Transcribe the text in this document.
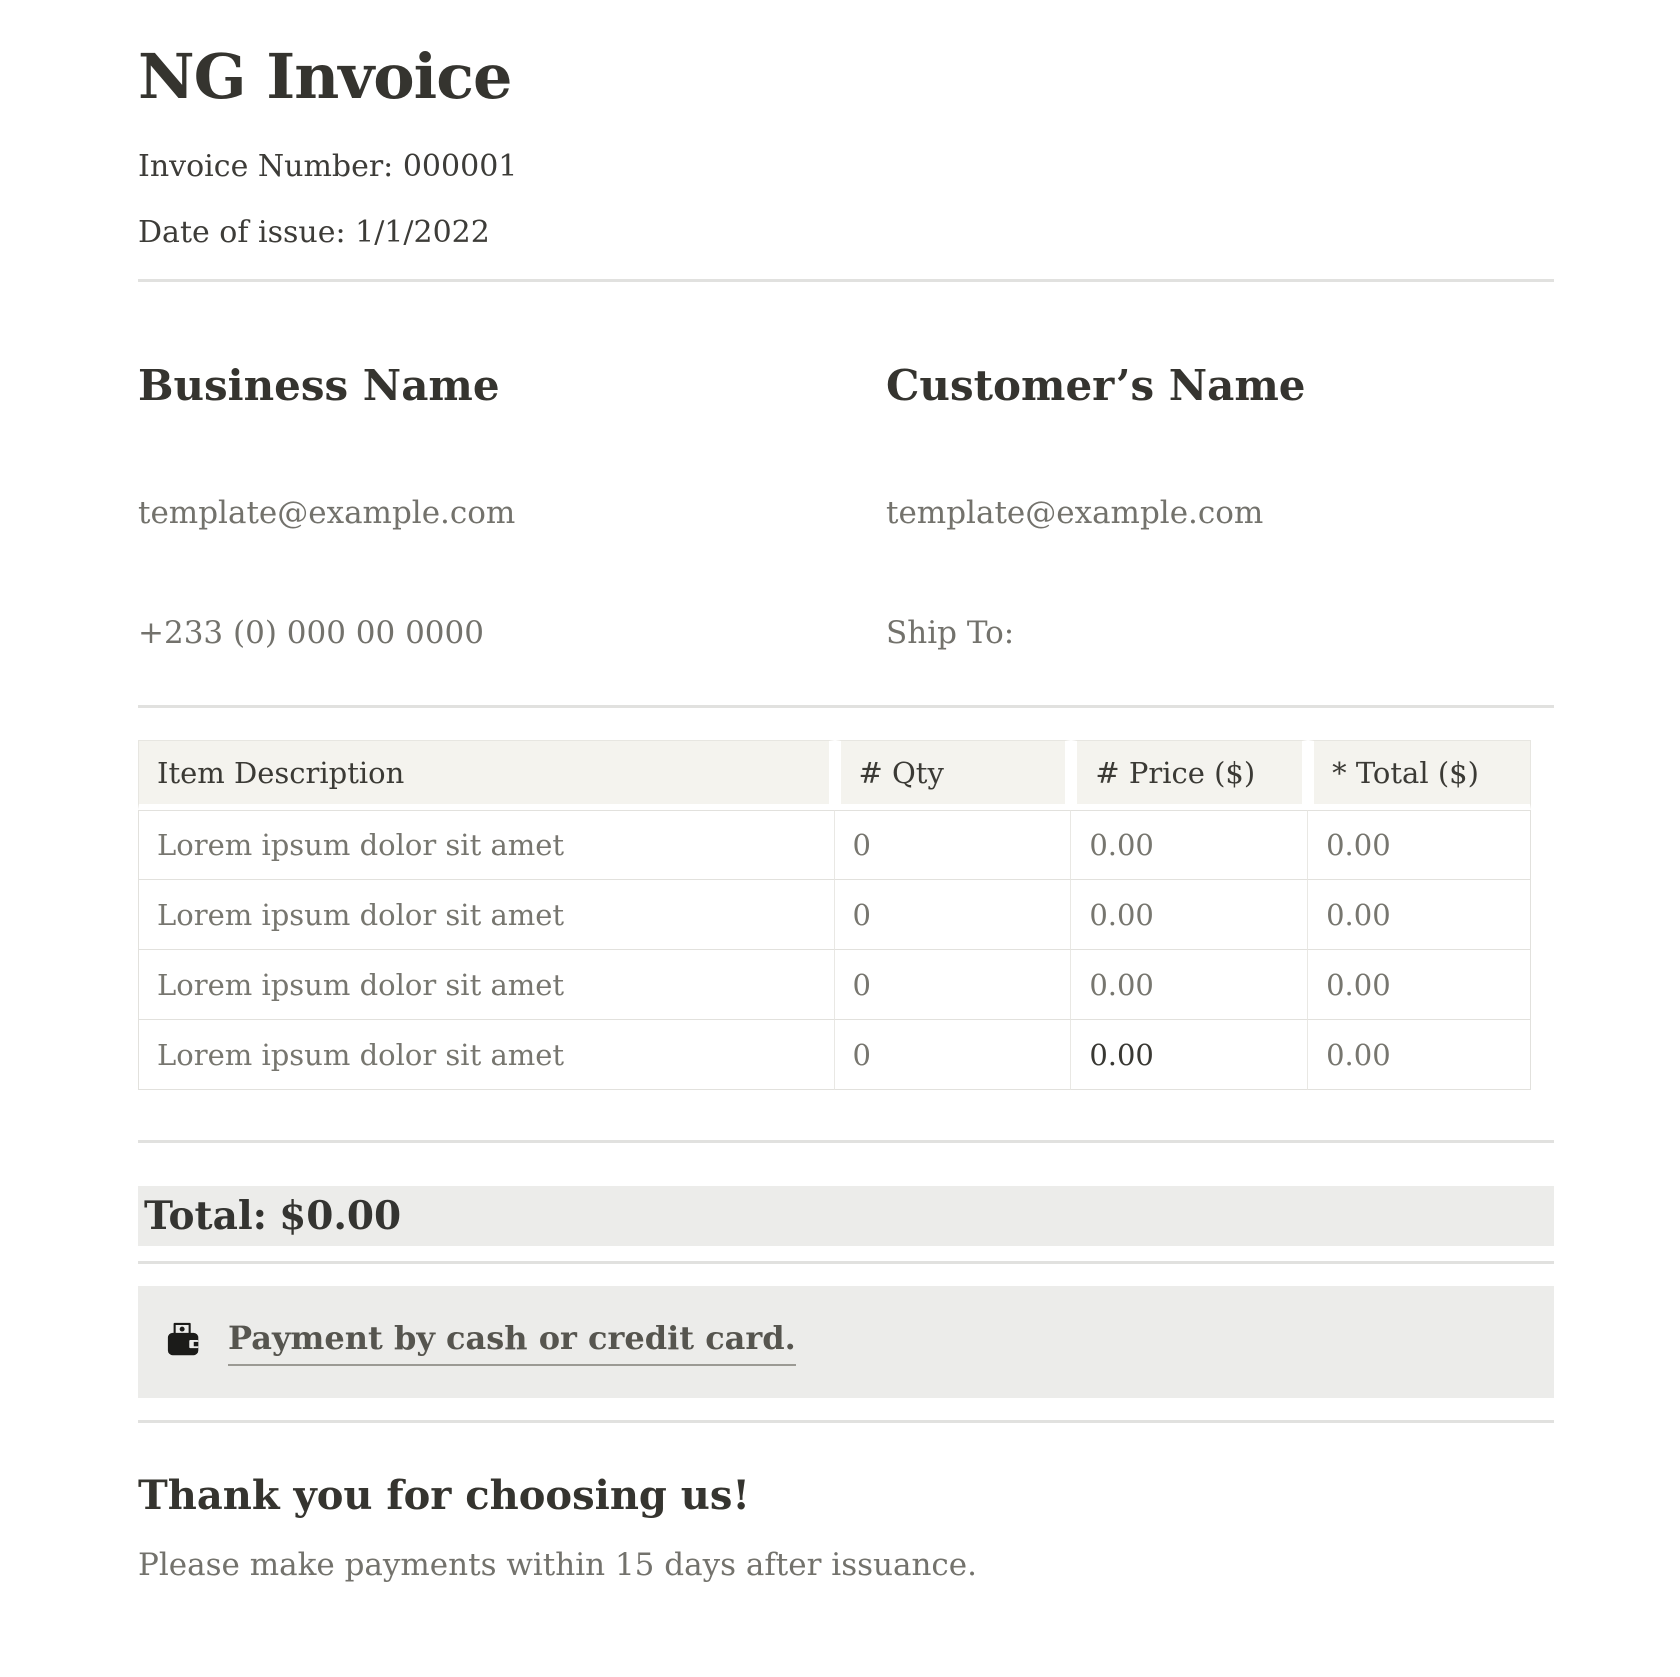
NG Invoice

Invoice Number: 000001

Date of issue: 1/1/2022

Business Name

template@example.com

+233 (0) 000 00 0000

Customer’s Name

template@example.com

Ship To:

Item Description	# Qty	# Price ($)	* Total ($)
Lorem ipsum dolor sit amet	0	0.00	0.00
Lorem ipsum dolor sit amet	0	0.00	0.00
Lorem ipsum dolor sit amet	0	0.00	0.00
Lorem ipsum dolor sit amet	0	0.00	0.00
Total: $0.00
Payment by cash or credit card.
Thank you for choosing us!

Please make payments within 15 days after issuance.
